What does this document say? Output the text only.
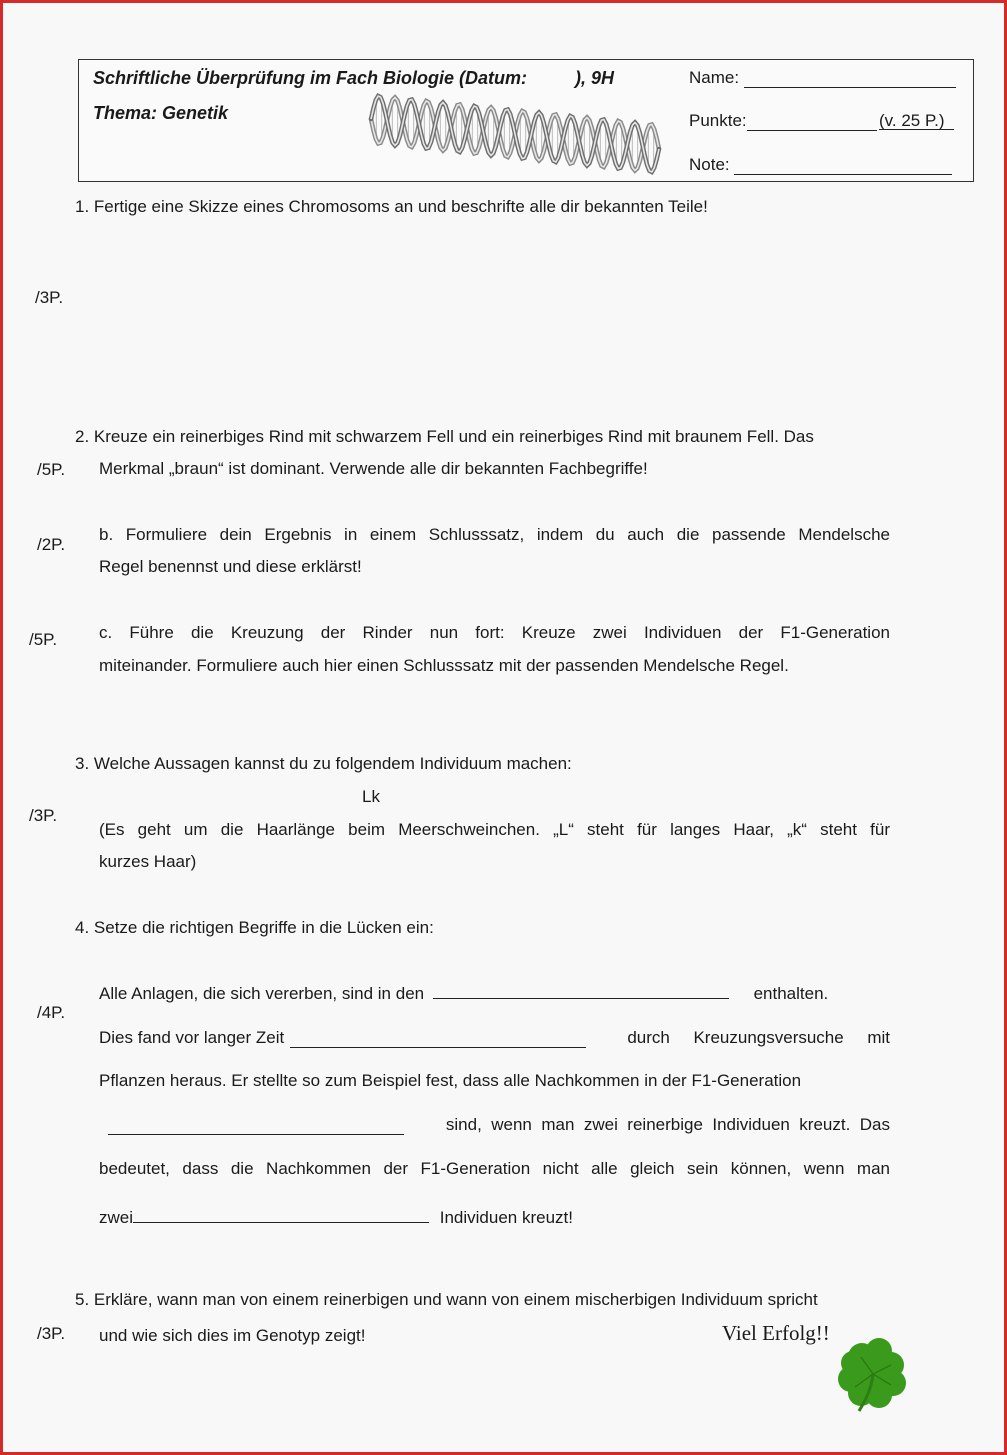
Schriftliche Überprüfung im Fach Biologie (Datum:	), 9H
Thema: Genetik
Name:
Punkte:	(v. 25 P.)
Note:
1. Fertige eine Skizze eines Chromosoms an und beschrifte alle dir bekannten Teile!
/3P.
2. Kreuze ein reinerbiges Rind mit schwarzem Fell und ein reinerbiges Rind mit braunem Fell. Das
Merkmal „braun“ ist dominant. Verwende alle dir bekannten Fachbegriffe!
/5P.
b. Formuliere dein Ergebnis in einem Schlusssatz, indem du auch die passende Mendelsche
Regel benennst und diese erklärst!
/2P.
c. Führe die Kreuzung der Rinder nun fort: Kreuze zwei Individuen der F1-Generation
miteinander. Formuliere auch hier einen Schlusssatz mit der passenden Mendelsche Regel.
/5P.
3. Welche Aussagen kannst du zu folgendem Individuum machen:
Lk
/3P.
(Es geht um die Haarlänge beim Meerschweinchen. „L“ steht für langes Haar, „k“ steht für
kurzes Haar)
4. Setze die richtigen Begriffe in die Lücken ein:
/4P.
Alle Anlagen, die sich vererben, sind in den	enthalten.
Dies fand vor langer Zeit	durch     Kreuzungsversuche     mit
Pflanzen heraus. Er stellte so zum Beispiel fest, dass alle Nachkommen in der F1-Generation
sind,  wenn  man  zwei  reinerbige  Individuen  kreuzt.  Das
bedeutet, dass die Nachkommen der F1-Generation nicht alle gleich sein können, wenn man
zwei	Individuen kreuzt!
5. Erkläre, wann man von einem reinerbigen und wann von einem mischerbigen Individuum spricht
und wie sich dies im Genotyp zeigt!
/3P.	Viel Erfolg!!
